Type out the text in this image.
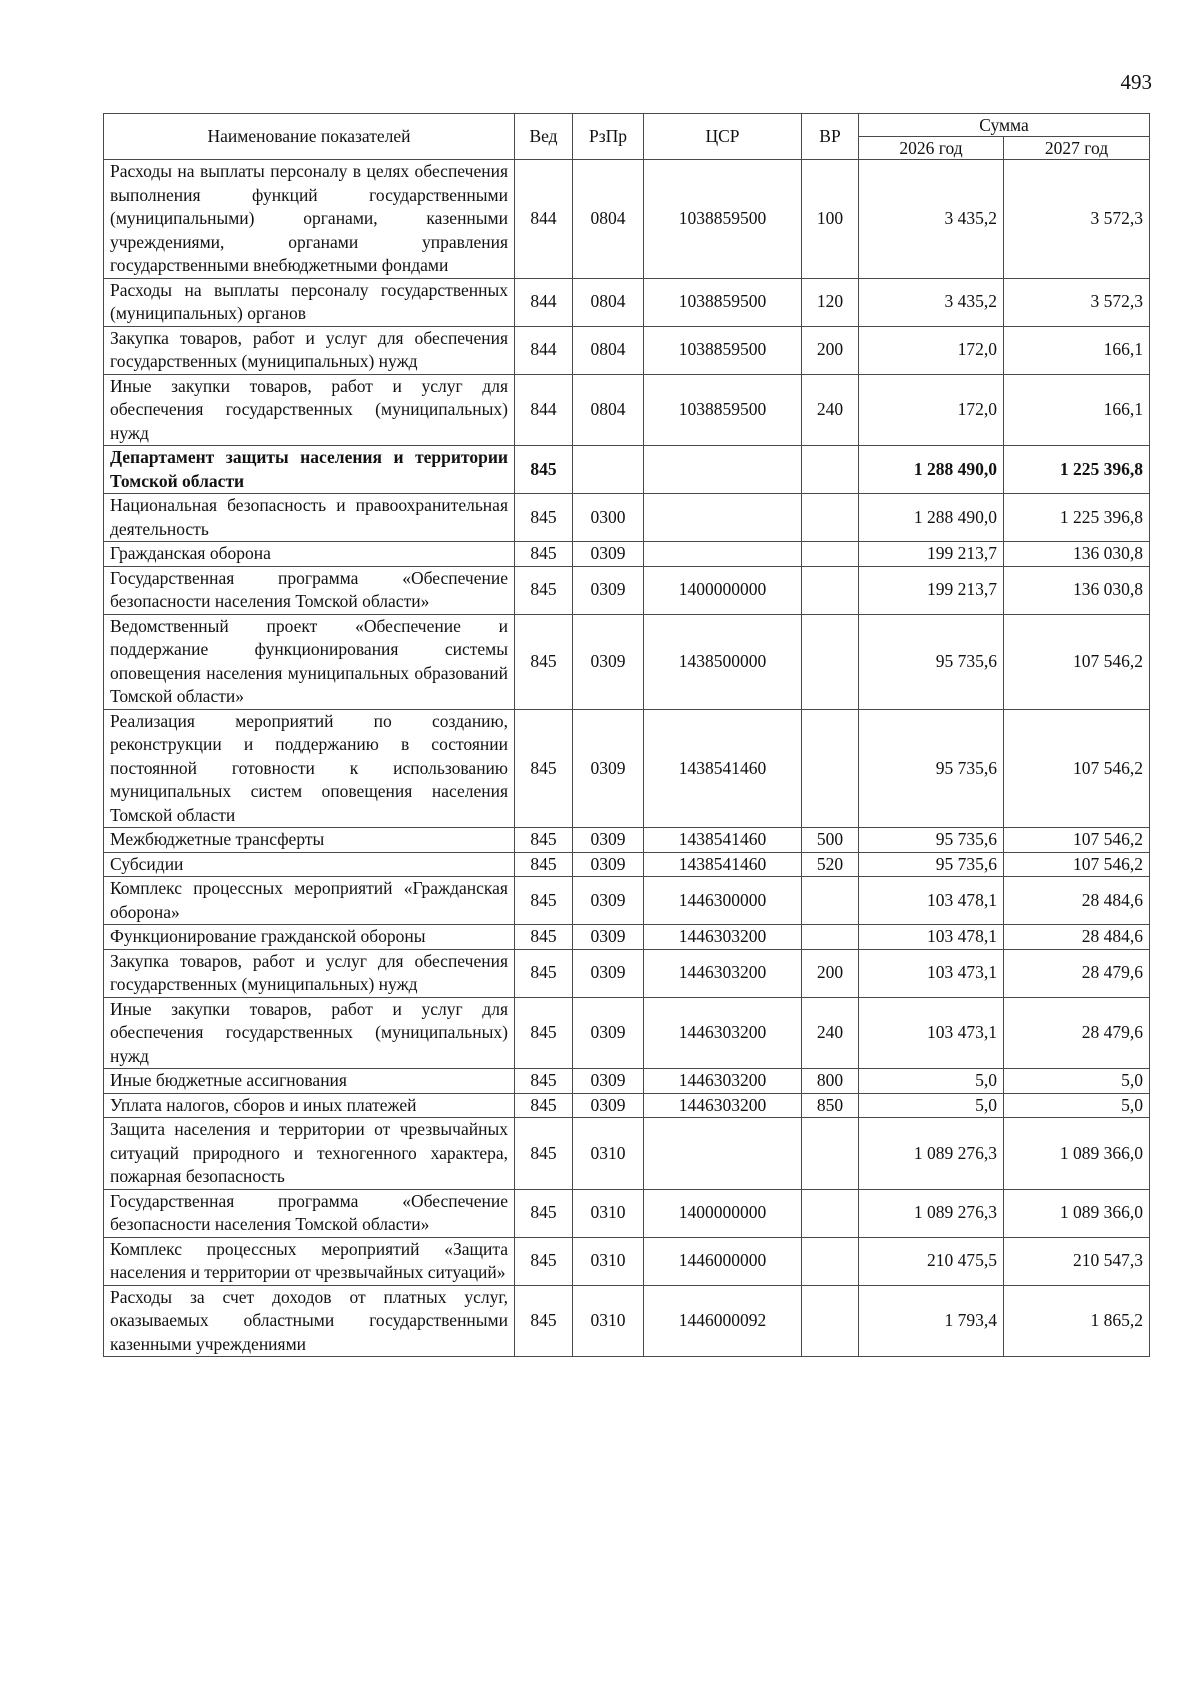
493
Наименование показателей	Вед	РзПр	ЦСР	ВР	Сумма	
					2026 год	2027 год
Расходы на выплаты персоналу в целях обеспечения выполнения функций государственными (муниципальными) органами, казенными учреждениями, органами управления государственными внебюджетными фондами	844	0804	1038859500	100	3 435,2	3 572,3
Расходы на выплаты персоналу государственных (муниципальных) органов	844	0804	1038859500	120	3 435,2	3 572,3
Закупка товаров, работ и услуг для обеспечения государственных (муниципальных) нужд	844	0804	1038859500	200	172,0	166,1
Иные закупки товаров, работ и услуг для обеспечения государственных (муниципальных) нужд	844	0804	1038859500	240	172,0	166,1
Департамент защиты населения и территории Томской области	845				1 288 490,0	1 225 396,8
Национальная безопасность и правоохранительная деятельность	845	0300			1 288 490,0	1 225 396,8
Гражданская оборона	845	0309			199 213,7	136 030,8
Государственная программа «Обеспечение безопасности населения Томской области»	845	0309	1400000000		199 213,7	136 030,8
Ведомственный проект «Обеспечение и поддержание функционирования системы оповещения населения муниципальных образований Томской области»	845	0309	1438500000		95 735,6	107 546,2
Реализация мероприятий по созданию, реконструкции и поддержанию в состоянии постоянной готовности к использованию муниципальных систем оповещения населения Томской области	845	0309	1438541460		95 735,6	107 546,2
Межбюджетные трансферты	845	0309	1438541460	500	95 735,6	107 546,2
Субсидии	845	0309	1438541460	520	95 735,6	107 546,2
Комплекс процессных мероприятий «Гражданская оборона»	845	0309	1446300000		103 478,1	28 484,6
Функционирование гражданской обороны	845	0309	1446303200		103 478,1	28 484,6
Закупка товаров, работ и услуг для обеспечения государственных (муниципальных) нужд	845	0309	1446303200	200	103 473,1	28 479,6
Иные закупки товаров, работ и услуг для обеспечения государственных (муниципальных) нужд	845	0309	1446303200	240	103 473,1	28 479,6
Иные бюджетные ассигнования	845	0309	1446303200	800	5,0	5,0
Уплата налогов, сборов и иных платежей	845	0309	1446303200	850	5,0	5,0
Защита населения и территории от чрезвычайных ситуаций природного и техногенного характера, пожарная безопасность	845	0310			1 089 276,3	1 089 366,0
Государственная программа «Обеспечение безопасности населения Томской области»	845	0310	1400000000		1 089 276,3	1 089 366,0
Комплекс процессных мероприятий «Защита населения и территории от чрезвычайных ситуаций»	845	0310	1446000000		210 475,5	210 547,3
Расходы за счет доходов от платных услуг, оказываемых областными государственными казенными учреждениями	845	0310	1446000092		1 793,4	1 865,2
